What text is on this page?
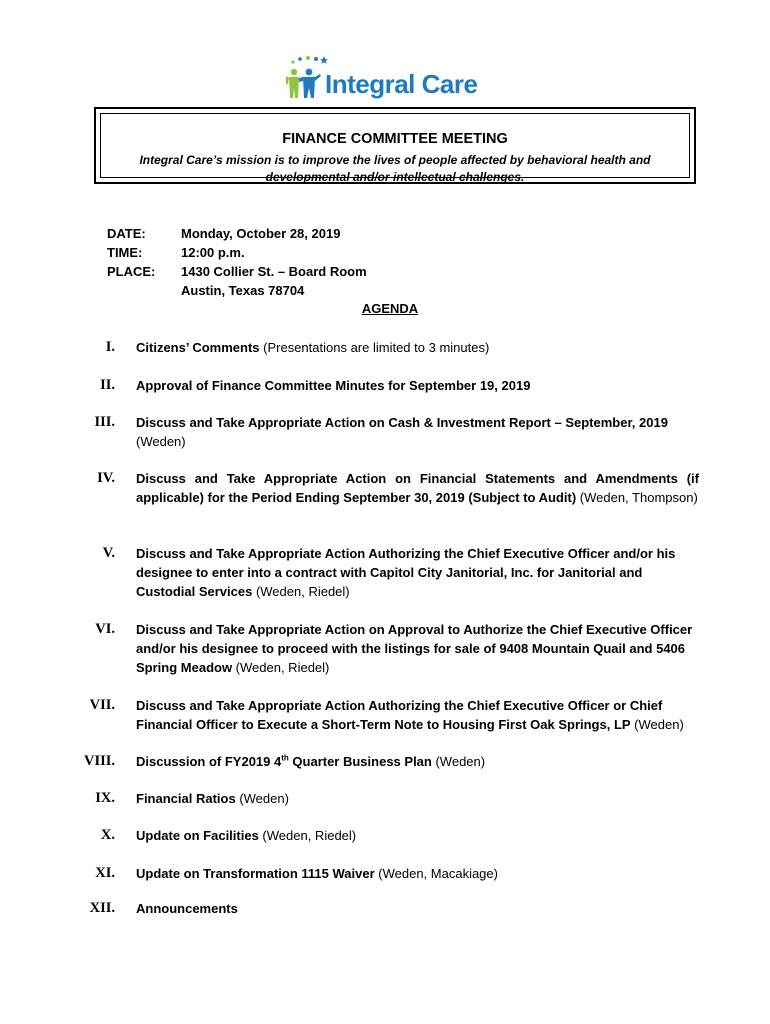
Integral Care
FINANCE COMMITTEE MEETING
Integral Care’s mission is to improve the lives of people affected by behavioral health and
developmental and/or intellectual challenges.
DATE:	Monday, October 28, 2019
TIME:	12:00 p.m.
PLACE:	1430 Collier St. – Board Room
Austin, Texas 78704
AGENDA
I. Citizens’ Comments (Presentations are limited to 3 minutes)
II. Approval of Finance Committee Minutes for September 19, 2019
III. Discuss and Take Appropriate Action on Cash & Investment Report – September, 2019
(Weden)
IV. Discuss and Take Appropriate Action on Financial Statements and Amendments (if applicable) for the Period Ending September 30, 2019 (Subject to Audit) (Weden, Thompson)
V. Discuss and Take Appropriate Action Authorizing the Chief Executive Officer and/or his designee to enter into a contract with Capitol City Janitorial, Inc. for Janitorial and Custodial Services (Weden, Riedel)
VI. Discuss and Take Appropriate Action on Approval to Authorize the Chief Executive Officer and/or his designee to proceed with the listings for sale of 9408 Mountain Quail and 5406 Spring Meadow (Weden, Riedel)
VII. Discuss and Take Appropriate Action Authorizing the Chief Executive Officer or Chief Financial Officer to Execute a Short-Term Note to Housing First Oak Springs, LP (Weden)
VIII. Discussion of FY2019 4th Quarter Business Plan (Weden)
IX. Financial Ratios (Weden)
X. Update on Facilities (Weden, Riedel)
XI. Update on Transformation 1115 Waiver (Weden, Macakiage)
XII. Announcements
